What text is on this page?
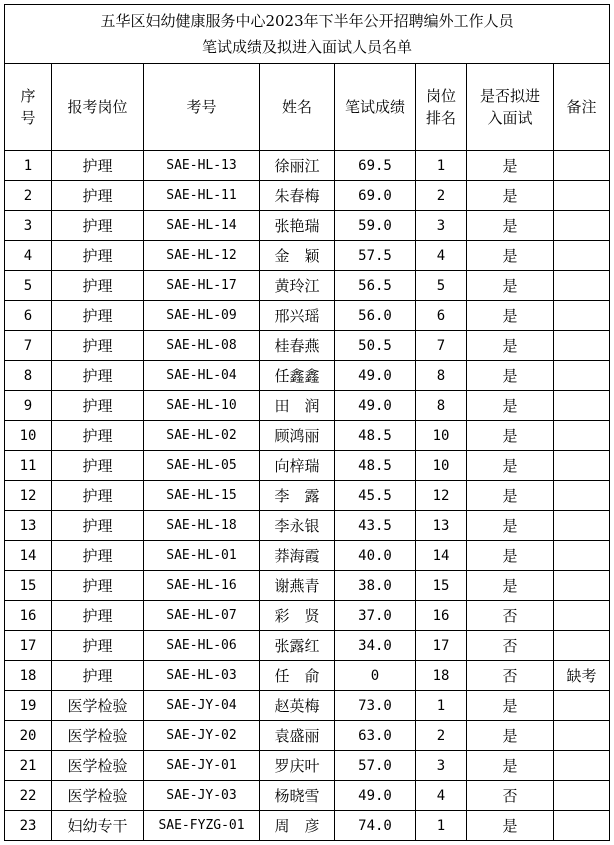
五华区妇幼健康服务中心2023年下半年公开招聘编外工作人员
笔试成绩及拟进入面试人员名单							

序号	报考岗位	考号	姓名	笔试成绩	岗位排名	是否拟进入面试	备注
1	护理	SAE-HL-13	徐丽江	69.5	1	是	
2	护理	SAE-HL-11	朱春梅	69.0	2	是	
3	护理	SAE-HL-14	张艳瑞	59.0	3	是	
4	护理	SAE-HL-12	金　颖	57.5	4	是	
5	护理	SAE-HL-17	黄玲江	56.5	5	是	
6	护理	SAE-HL-09	邢兴瑶	56.0	6	是	
7	护理	SAE-HL-08	桂春燕	50.5	7	是	
8	护理	SAE-HL-04	任鑫鑫	49.0	8	是	
9	护理	SAE-HL-10	田　润	49.0	8	是	
10	护理	SAE-HL-02	顾鸿丽	48.5	10	是	
11	护理	SAE-HL-05	向梓瑞	48.5	10	是	
12	护理	SAE-HL-15	李　露	45.5	12	是	
13	护理	SAE-HL-18	李永银	43.5	13	是	
14	护理	SAE-HL-01	莽海霞	40.0	14	是	
15	护理	SAE-HL-16	谢燕青	38.0	15	是	
16	护理	SAE-HL-07	彩　贤	37.0	16	否	
17	护理	SAE-HL-06	张露红	34.0	17	否	
18	护理	SAE-HL-03	任　俞	0	18	否	缺考
19	医学检验	SAE-JY-04	赵英梅	73.0	1	是	
20	医学检验	SAE-JY-02	袁盛丽	63.0	2	是	
21	医学检验	SAE-JY-01	罗庆叶	57.0	3	是	
22	医学检验	SAE-JY-03	杨晓雪	49.0	4	否	
23	妇幼专干	SAE-FYZG-01	周　彦	74.0	1	是	
